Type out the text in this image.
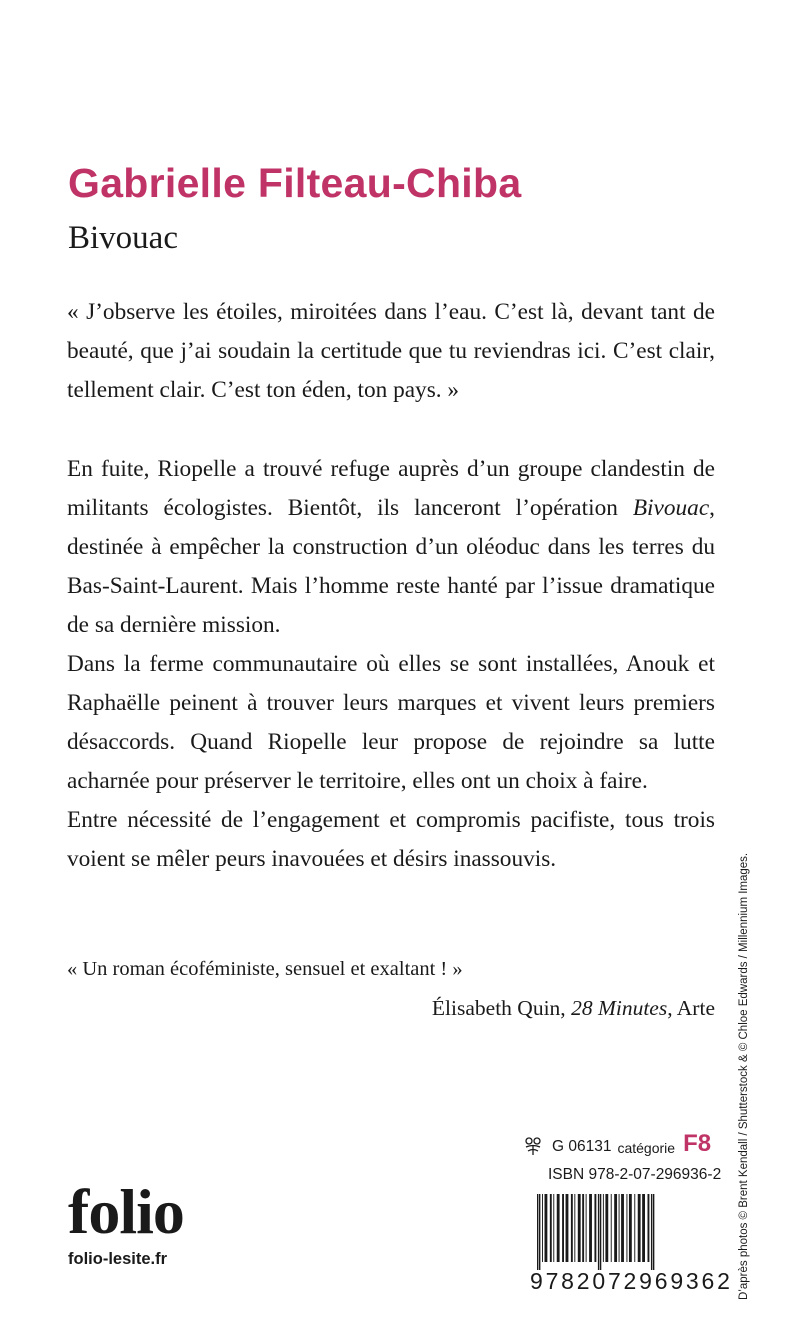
Gabrielle Filteau-Chiba
Bivouac

« J’observe les étoiles, miroitées dans l’eau. C’est là, devant tant de beauté, que j’ai soudain la certitude que tu reviendras ici. C’est clair, tellement clair. C’est ton éden, ton pays. »

En fuite, Riopelle a trouvé refuge auprès d’un groupe clandestin de militants écologistes. Bientôt, ils lanceront l’opération Bivouac, destinée à empêcher la construction d’un oléoduc dans les terres du Bas-Saint-Laurent. Mais l’homme reste hanté par l’issue dramatique de sa dernière mission.

Dans la ferme communautaire où elles se sont installées, Anouk et Raphaëlle peinent à trouver leurs marques et vivent leurs premiers désaccords. Quand Riopelle leur propose de rejoindre sa lutte acharnée pour préserver le territoire, elles ont un choix à faire.

Entre nécessité de l’engagement et compromis pacifiste, tous trois voient se mêler peurs inavouées et désirs inassouvis.

« Un roman écoféministe, sensuel et exaltant ! »
Élisabeth Quin, 28 Minutes, Arte D’après photos © Brent Kendall / Shutterstock & © Chloe Edwards / Millennium Images.
folio
folio-lesite.fr
G 06131 catégorie F8
ISBN 978-2-07-296936-2
9782072969362
